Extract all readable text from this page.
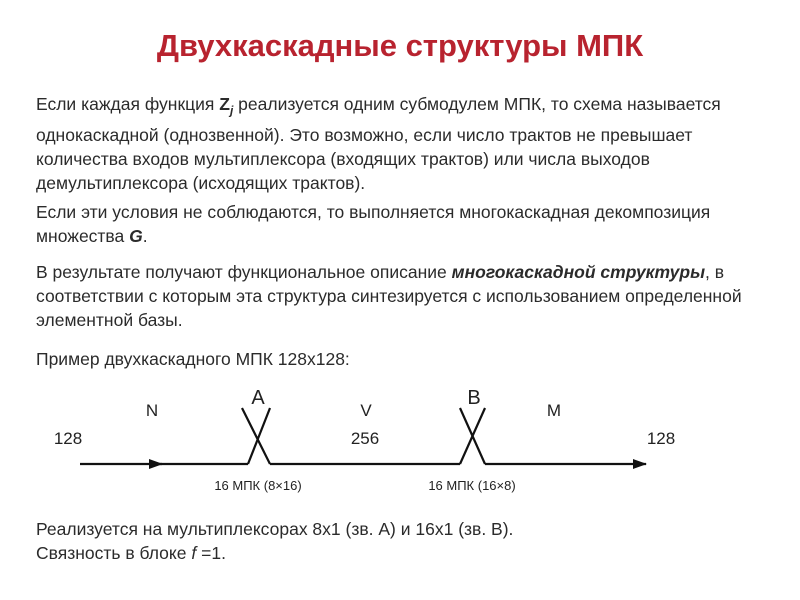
Двухкаскадные структуры МПК

Если каждая функция $Z_j$ реализуется одним субмодулем МПК, то схема называется однокаскадной (однозвенной). Это возможно, если число трактов не превышает количества входов мультиплексора (входящих трактов) или числа выходов демультиплексора (исходящих трактов).

Если эти условия не соблюдаются, то выполняется многокаскадная декомпозиция множества G.

В результате получают функциональное описание многокаскадной структуры, в соответствии с которым эта структура синтезируется с использованием определенной элементной базы.

Пример двухкаскадного МПК 128х128:

A	B
N	V	M
128	256	128
16 МПК (8×16)	16 МПК (16×8)

Реализуется на мультиплексорах 8х1 (зв. А) и 16х1 (зв. В).
Связность в блоке f =1.
